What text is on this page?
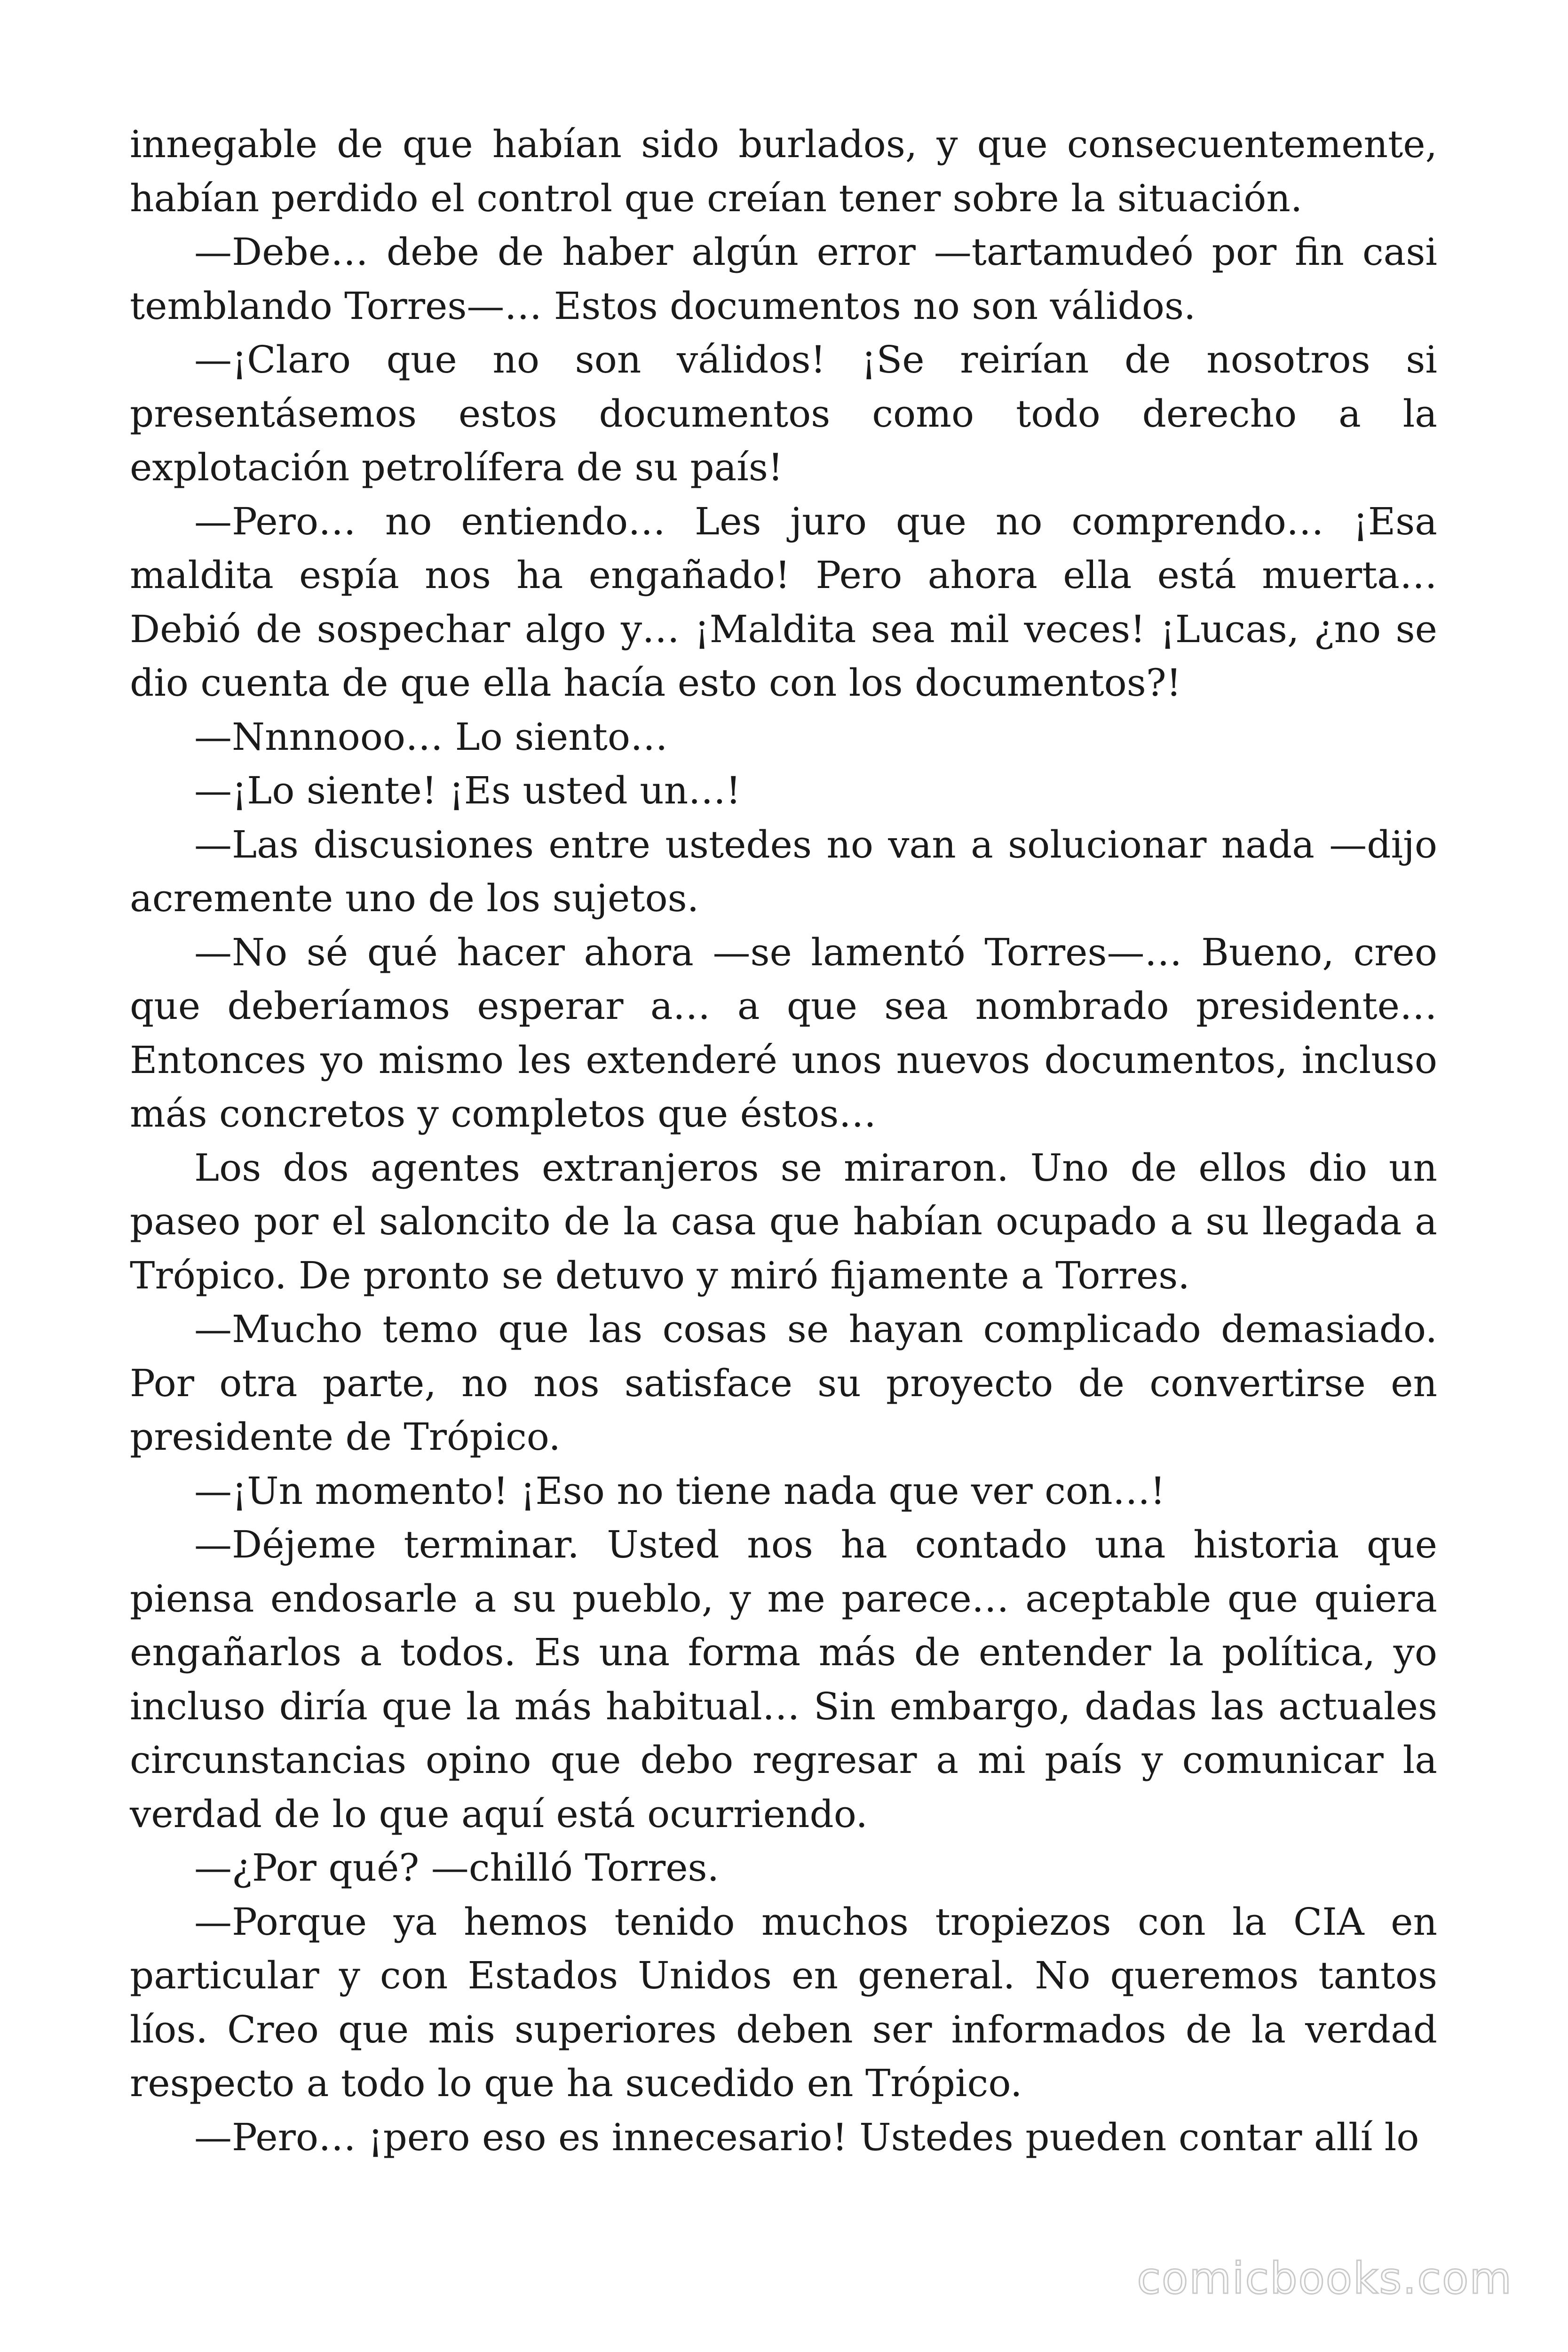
innegable de que habían sido burlados, y que consecuentemente, habían perdido el control que creían tener sobre la situación.

—Debe… debe de haber algún error —tartamudeó por fin casi temblando Torres—… Estos documentos no son válidos.

—¡Claro que no son válidos! ¡Se reirían de nosotros si presentásemos estos documentos como todo derecho a la explotación petrolífera de su país!

—Pero… no entiendo… Les juro que no comprendo… ¡Esa maldita espía nos ha engañado! Pero ahora ella está muerta… Debió de sospechar algo y… ¡Maldita sea mil veces! ¡Lucas, ¿no se dio cuenta de que ella hacía esto con los documentos?!

—Nnnnooo… Lo siento…

—¡Lo siente! ¡Es usted un…!

—Las discusiones entre ustedes no van a solucionar nada —dijo acremente uno de los sujetos.

—No sé qué hacer ahora —se lamentó Torres—… Bueno, creo que deberíamos esperar a… a que sea nombrado presidente… Entonces yo mismo les extenderé unos nuevos documentos, incluso más concretos y completos que éstos…

Los dos agentes extranjeros se miraron. Uno de ellos dio un paseo por el saloncito de la casa que habían ocupado a su llegada a Trópico. De pronto se detuvo y miró fijamente a Torres.

—Mucho temo que las cosas se hayan complicado demasiado. Por otra parte, no nos satisface su proyecto de convertirse en presidente de Trópico.

—¡Un momento! ¡Eso no tiene nada que ver con…!

—Déjeme terminar. Usted nos ha contado una historia que piensa endosarle a su pueblo, y me parece… aceptable que quiera engañarlos a todos. Es una forma más de entender la política, yo incluso diría que la más habitual… Sin embargo, dadas las actuales circunstancias opino que debo regresar a mi país y comunicar la verdad de lo que aquí está ocurriendo.

—¿Por qué? —chilló Torres.

—Porque ya hemos tenido muchos tropiezos con la CIA en particular y con Estados Unidos en general. No queremos tantos líos. Creo que mis superiores deben ser informados de la verdad respecto a todo lo que ha sucedido en Trópico.

—Pero… ¡pero eso es innecesario! Ustedes pueden contar allí lo

comicbooks.com
